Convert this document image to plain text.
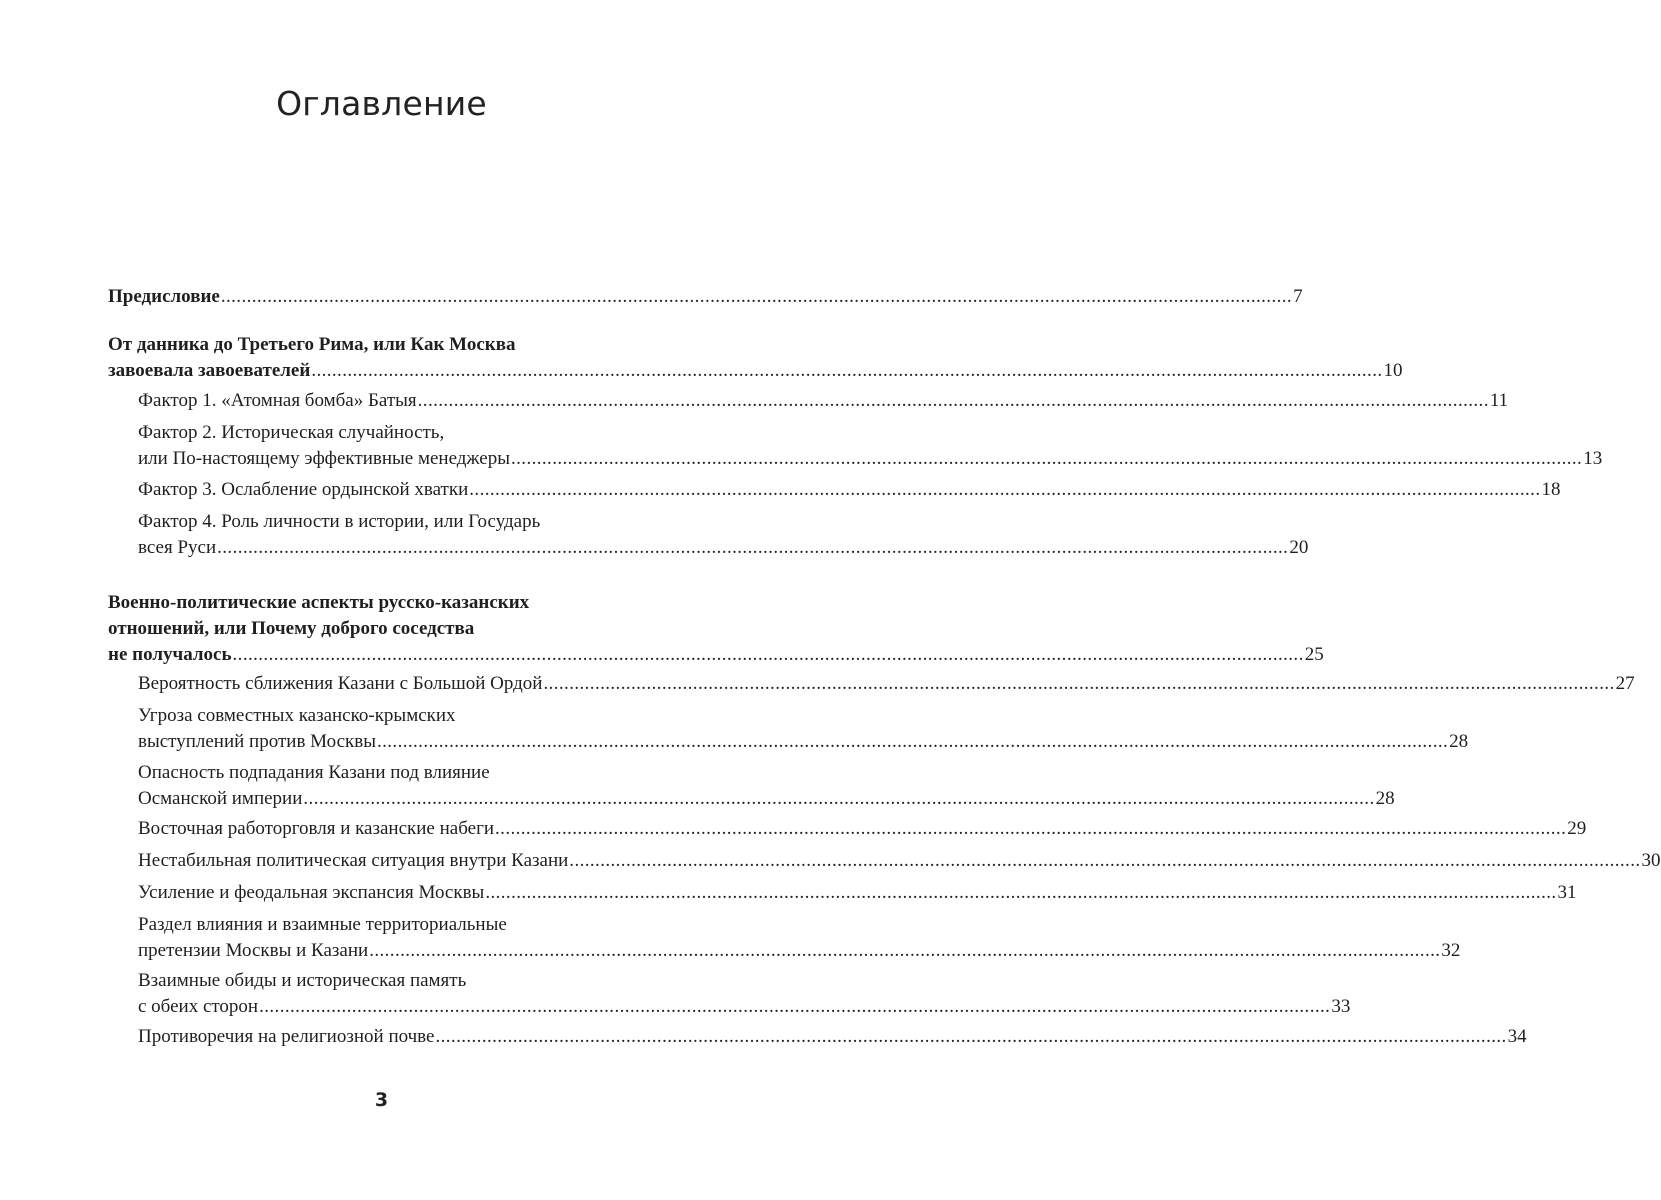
Оглавление
Предисловие .....	7
От данника до Третьего Рима, или Как Москва
завоевала завоевателей .....	10
Фактор 1. «Атомная бомба» Батыя .....	11
Фактор 2. Историческая случайность,
или По-настоящему эффективные менеджеры .....	13
Фактор 3. Ослабление ордынской хватки .....	18
Фактор 4. Роль личности в истории, или Государь
всея Руси .....	20
Военно-политические аспекты русско-казанских
отношений, или Почему доброго соседства
не получалось .....	25
Вероятность сближения Казани с Большой Ордой .....	27
Угроза совместных казанско-крымских
выступлений против Москвы .....	28
Опасность подпадания Казани под влияние
Османской империи .....	28
Восточная работорговля и казанские набеги .....	29
Нестабильная политическая ситуация внутри Казани .....	30
Усиление и феодальная экспансия Москвы .....	31
Раздел влияния и взаимные территориальные
претензии Москвы и Казани .....	32
Взаимные обиды и историческая память
с обеих сторон .....	33
Противоречия на религиозной почве .....	34
3
